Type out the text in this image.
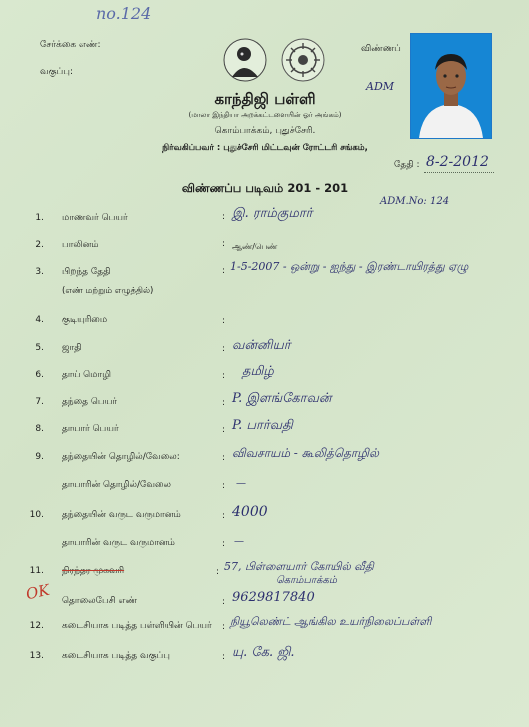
no.124
சேர்க்கை எண்:
வகுப்பு:
விண்ணப்
காந்திஜி பள்ளி
(மாலா இந்தியா அறக்கட்டளையின் ஓர் அங்கம்)
கொம்பாக்கம், புதுச்சேரி.
நிர்வகிப்பவர் : புதுச்சேரி மிட்டவுன் ரோட்டரி சங்கம்,
ADM
தேதி : 8-2-2012
விண்ணப்ப படிவம் 201 - 201
ADM.No: 124
1. மாணவர் பெயர்	: இ. ராம்குமார்
2. பாலினம்	: ஆண்/பெண்
3. பிறந்த தேதி
(எண் மற்றும் எழுத்தில்)
: 1-5-2007 - ஒன்று - ஐந்து - இரண்டாயிரத்து ஏழு
4. குடியுரிமை	:
5. ஜாதி	: வன்னியர்
6. தாய் மொழி	: தமிழ்
7. தந்தை பெயர்	: P. இளங்கோவன்
8. தாயார் பெயர்	: P. பார்வதி
9. தந்தையின் தொழில்/வேலை:	: விவசாயம் - கூலித்தொழில்
தாயாரின் தொழில்/வேலை	: —
10. தந்தையின் வருட வருமானம்	: 4000
தாயாரின் வருட வருமானம்	: —
11. நிரந்தர முகவரி	: 57, பிள்ளையார் கோயில் வீதி
கொம்பாக்கம்
OK தொலைபேசி எண்	: 9629817840
12. கடைசியாக படித்த பள்ளியின் பெயர் : நியூலெண்ட் ஆங்கில உயர்நிலைப்பள்ளி
13. கடைசியாக படித்த வகுப்பு	: யு. கே. ஜி.
